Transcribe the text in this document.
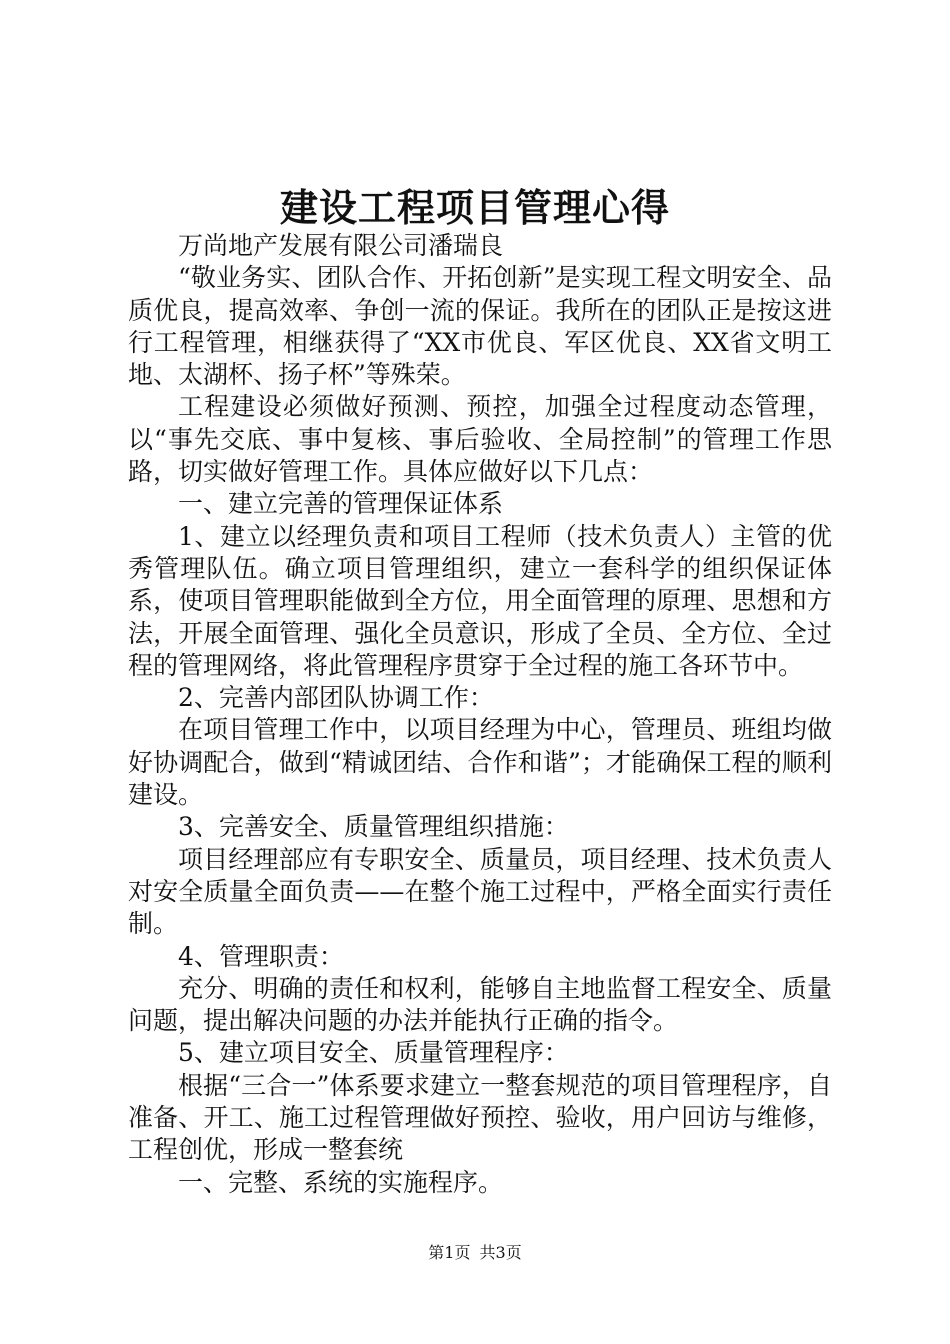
建设工程项目管理心得

万尚地产发展有限公司潘瑞良

“敬业务实、团队合作、开拓创新”是实现工程文明安全、品质优良，提高效率、争创一流的保证。我所在的团队正是按这进行工程管理，相继获得了“XX市优良、军区优良、XX省文明工地、太湖杯、扬子杯”等殊荣。

工程建设必须做好预测、预控，加强全过程度动态管理，以“事先交底、事中复核、事后验收、全局控制”的管理工作思路，切实做好管理工作。具体应做好以下几点：

一、建立完善的管理保证体系

1、建立以经理负责和项目工程师（技术负责人）主管的优秀管理队伍。确立项目管理组织，建立一套科学的组织保证体系，使项目管理职能做到全方位，用全面管理的原理、思想和方法，开展全面管理、强化全员意识，形成了全员、全方位、全过程的管理网络，将此管理程序贯穿于全过程的施工各环节中。

2、完善内部团队协调工作：

在项目管理工作中，以项目经理为中心，管理员、班组均做好协调配合，做到“精诚团结、合作和谐”；才能确保工程的顺利建设。

3、完善安全、质量管理组织措施：

项目经理部应有专职安全、质量员，项目经理、技术负责人对安全质量全面负责——在整个施工过程中，严格全面实行责任制。

4、管理职责：

充分、明确的责任和权利，能够自主地监督工程安全、质量问题，提出解决问题的办法并能执行正确的指令。

5、建立项目安全、质量管理程序：

根据“三合一”体系要求建立一整套规范的项目管理程序，自准备、开工、施工过程管理做好预控、验收，用户回访与维修，工程创优，形成一整套统

一、完整、系统的实施程序。

第1页 共3页
